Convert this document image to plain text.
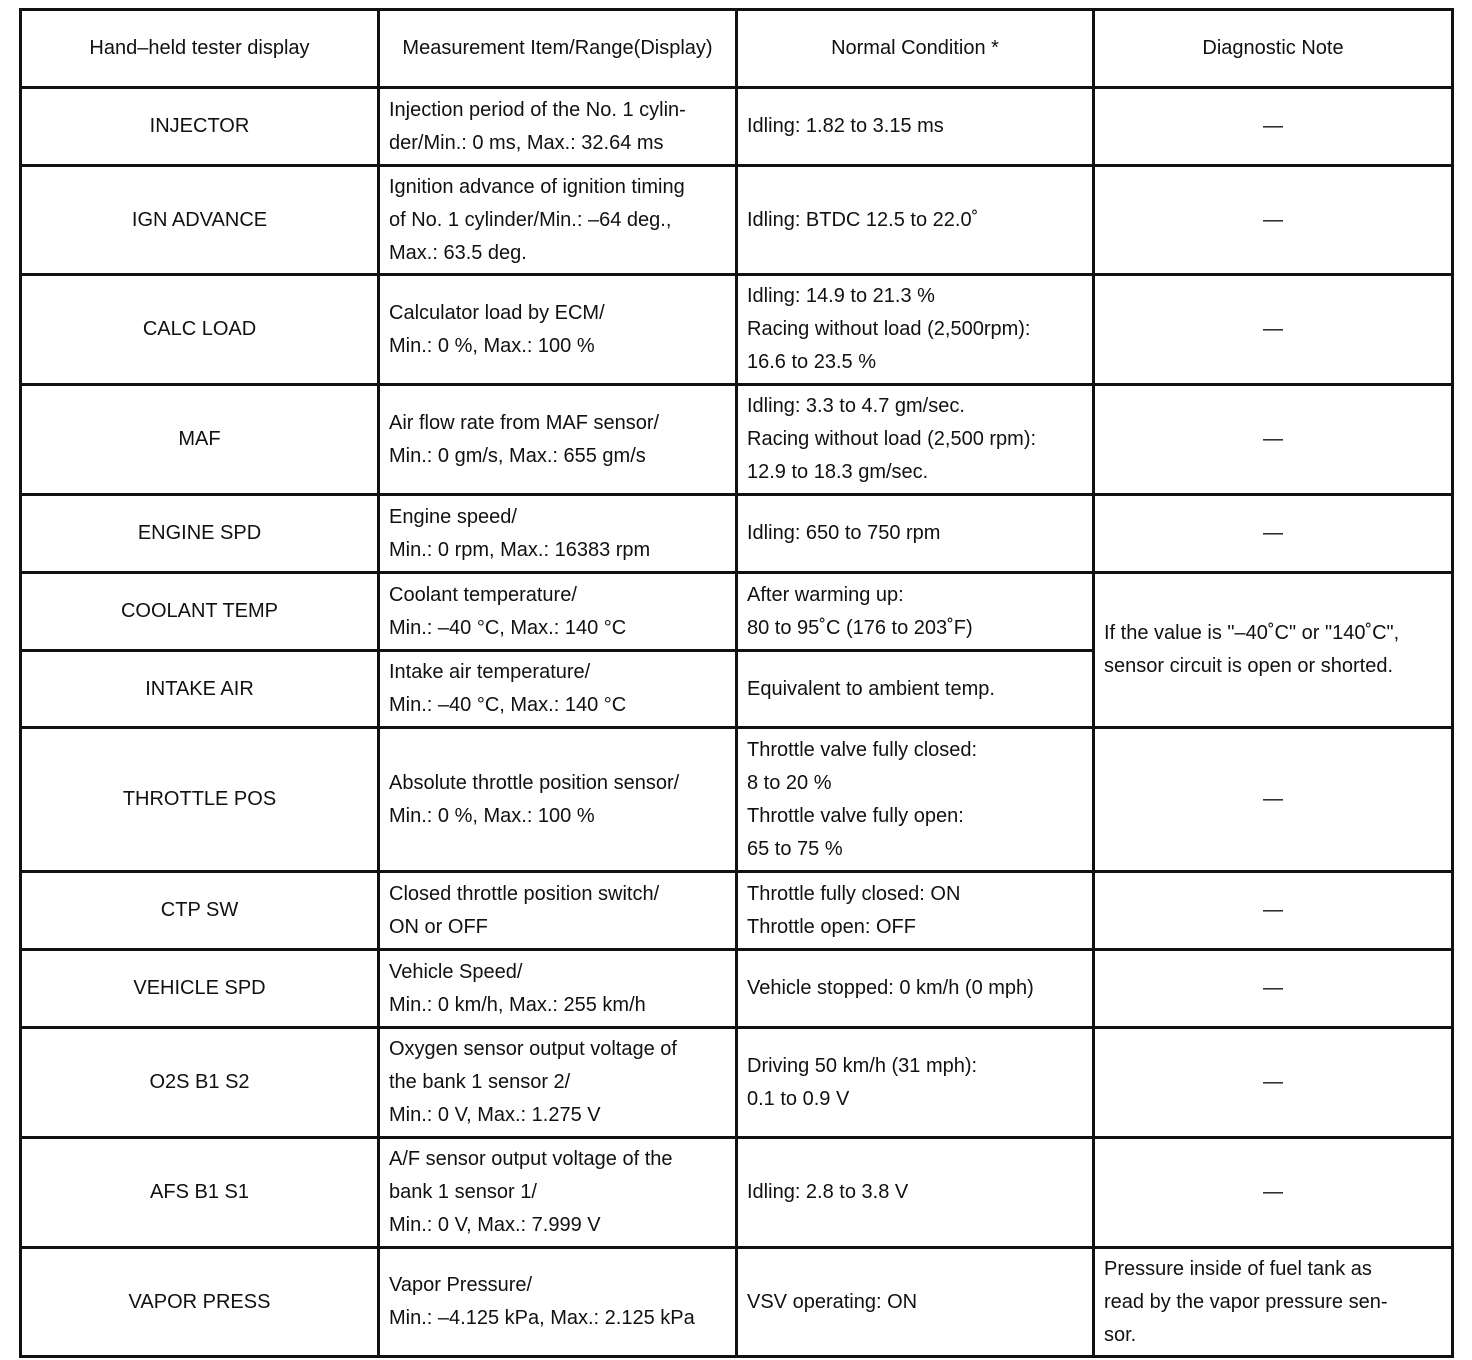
Hand–held tester display	Measurement Item/Range(Display)	Normal Condition *	Diagnostic Note
INJECTOR	Injection period of the No. 1 cylin-
der/Min.: 0 ms, Max.: 32.64 ms	Idling: 1.82 to 3.15 ms	—

IGN ADVANCE	Ignition advance of ignition timing
of No. 1 cylinder/Min.: –64 deg.,
Max.: 63.5 deg.	Idling: BTDC 12.5 to 22.0˚	—

CALC LOAD	Calculator load by ECM/
Min.: 0 %, Max.: 100 %	Idling: 14.9 to 21.3 %
Racing without load (2,500rpm):
16.6 to 23.5 %	—

MAF	Air flow rate from MAF sensor/
Min.: 0 gm/s, Max.: 655 gm/s	Idling: 3.3 to 4.7 gm/sec.
Racing without load (2,500 rpm):
12.9 to 18.3 gm/sec.	—

ENGINE SPD	Engine speed/
Min.: 0 rpm, Max.: 16383 rpm	Idling: 650 to 750 rpm	—

COOLANT TEMP	Coolant temperature/
Min.: –40 °C, Max.: 140 °C	After warming up:
80 to 95˚C (176 to 203˚F)	If the value is "–40˚C" or "140˚C",
sensor circuit is open or shorted.

INTAKE AIR	Intake air temperature/
Min.: –40 °C, Max.: 140 °C	Equivalent to ambient temp.	

THROTTLE POS	Absolute throttle position sensor/
Min.: 0 %, Max.: 100 %	Throttle valve fully closed:
8 to 20 %
Throttle valve fully open:
65 to 75 %	—

CTP SW	Closed throttle position switch/
ON or OFF	Throttle fully closed: ON
Throttle open: OFF	—

VEHICLE SPD	Vehicle Speed/
Min.: 0 km/h, Max.: 255 km/h	Vehicle stopped: 0 km/h (0 mph)	—

O2S B1 S2	Oxygen sensor output voltage of
the bank 1 sensor 2/
Min.: 0 V, Max.: 1.275 V	Driving 50 km/h (31 mph):
0.1 to 0.9 V	—

AFS B1 S1	A/F sensor output voltage of the
bank 1 sensor 1/
Min.: 0 V, Max.: 7.999 V	Idling: 2.8 to 3.8 V	—

VAPOR PRESS	Vapor Pressure/
Min.: –4.125 kPa, Max.: 2.125 kPa	VSV operating: ON	Pressure inside of fuel tank as
read by the vapor pressure sen-
sor.
